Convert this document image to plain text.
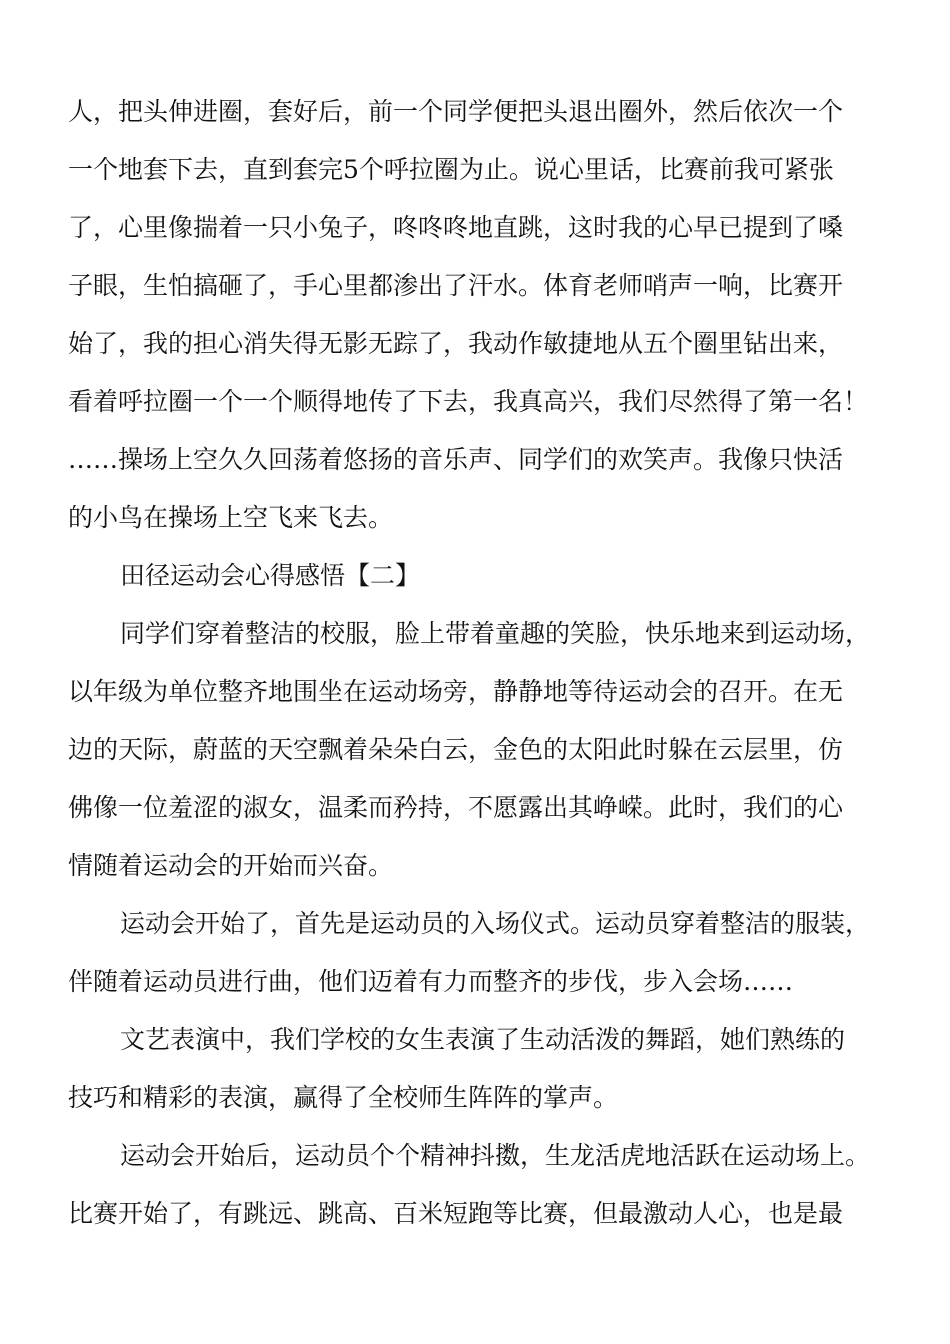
人，把头伸进圈，套好后，前一个同学便把头退出圈外，然后依次一个

一个地套下去，直到套完5个呼拉圈为止。说心里话，比赛前我可紧张

了，心里像揣着一只小兔子，咚咚咚地直跳，这时我的心早已提到了嗓

子眼，生怕搞砸了，手心里都渗出了汗水。体育老师哨声一响，比赛开

始了，我的担心消失得无影无踪了，我动作敏捷地从五个圈里钻出来，

看着呼拉圈一个一个顺得地传了下去，我真高兴，我们尽然得了第一名！

……操场上空久久回荡着悠扬的音乐声、同学们的欢笑声。我像只快活

的小鸟在操场上空飞来飞去。

田径运动会心得感悟【二】

同学们穿着整洁的校服，脸上带着童趣的笑脸，快乐地来到运动场，

以年级为单位整齐地围坐在运动场旁，静静地等待运动会的召开。在无

边的天际，蔚蓝的天空飘着朵朵白云，金色的太阳此时躲在云层里，仿

佛像一位羞涩的淑女，温柔而矜持，不愿露出其峥嵘。此时，我们的心

情随着运动会的开始而兴奋。

运动会开始了，首先是运动员的入场仪式。运动员穿着整洁的服装，

伴随着运动员进行曲，他们迈着有力而整齐的步伐，步入会场……

文艺表演中，我们学校的女生表演了生动活泼的舞蹈，她们熟练的

技巧和精彩的表演，赢得了全校师生阵阵的掌声。

运动会开始后，运动员个个精神抖擞，生龙活虎地活跃在运动场上。

比赛开始了，有跳远、跳高、百米短跑等比赛，但最激动人心，也是最
